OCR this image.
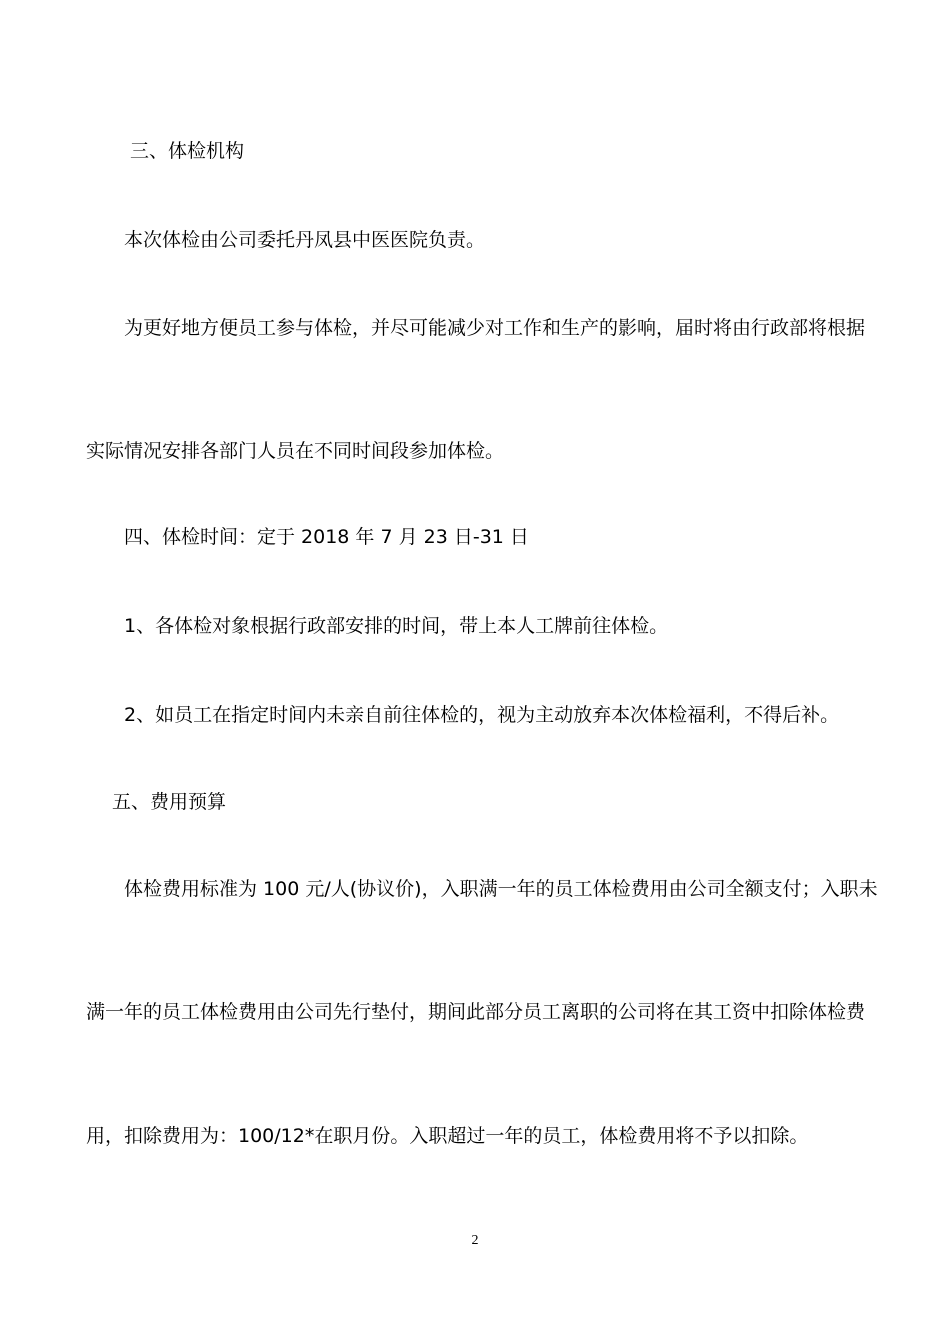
三、体检机构
本次体检由公司委托丹凤县中医医院负责。
为更好地方便员工参与体检，并尽可能减少对工作和生产的影响，届时将由行政部将根据
实际情况安排各部门人员在不同时间段参加体检。
四、体检时间：定于 2018 年 7 月 23 日-31 日
1、各体检对象根据行政部安排的时间，带上本人工牌前往体检。
2、如员工在指定时间内未亲自前往体检的，视为主动放弃本次体检福利，不得后补。
五、费用预算
体检费用标准为 100 元/人(协议价)，入职满一年的员工体检费用由公司全额支付；入职未
满一年的员工体检费用由公司先行垫付，期间此部分员工离职的公司将在其工资中扣除体检费
用，扣除费用为：100/12*在职月份。入职超过一年的员工，体检费用将不予以扣除。
2
